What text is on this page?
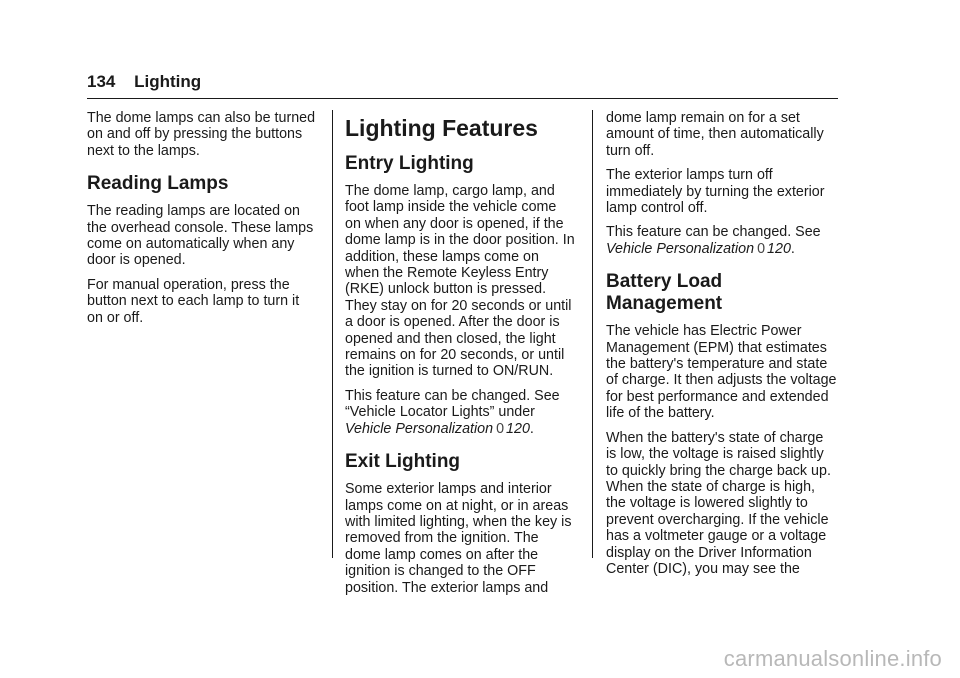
134 Lighting

The dome lamps can also be turned
on and off by pressing the buttons
next to the lamps.

Reading Lamps

The reading lamps are located on
the overhead console. These lamps
come on automatically when any
door is opened.

For manual operation, press the
button next to each lamp to turn it
on or off.

Lighting Features
Entry Lighting

The dome lamp, cargo lamp, and
foot lamp inside the vehicle come
on when any door is opened, if the
dome lamp is in the door position. In
addition, these lamps come on
when the Remote Keyless Entry
(RKE) unlock button is pressed.
They stay on for 20 seconds or until
a door is opened. After the door is
opened and then closed, the light
remains on for 20 seconds, or until
the ignition is turned to ON/RUN.

This feature can be changed. See
“Vehicle Locator Lights” under
Vehicle Personalization 0 120.

Exit Lighting

Some exterior lamps and interior
lamps come on at night, or in areas
with limited lighting, when the key is
removed from the ignition. The
dome lamp comes on after the
ignition is changed to the OFF
position. The exterior lamps and

dome lamp remain on for a set
amount of time, then automatically
turn off.

The exterior lamps turn off
immediately by turning the exterior
lamp control off.

This feature can be changed. See
Vehicle Personalization 0 120.

Battery Load
Management

The vehicle has Electric Power
Management (EPM) that estimates
the battery's temperature and state
of charge. It then adjusts the voltage
for best performance and extended
life of the battery.

When the battery's state of charge
is low, the voltage is raised slightly
to quickly bring the charge back up.
When the state of charge is high,
the voltage is lowered slightly to
prevent overcharging. If the vehicle
has a voltmeter gauge or a voltage
display on the Driver Information
Center (DIC), you may see the

carmanualsonline.info
